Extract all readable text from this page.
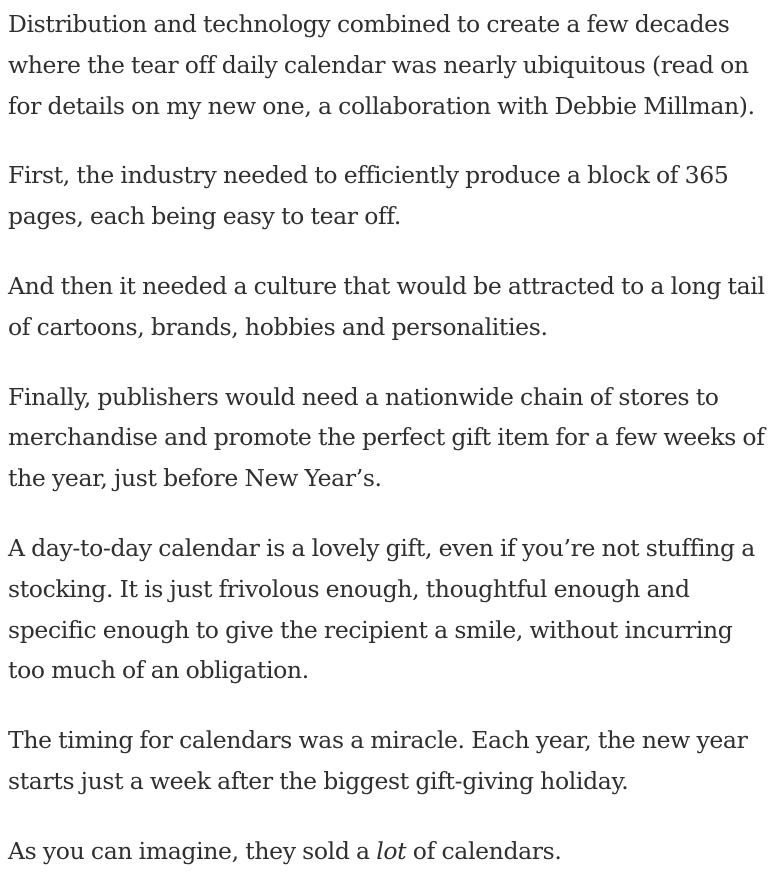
Distribution and technology combined to create a few decades where the tear off daily calendar was nearly ubiquitous (read on for details on my new one, a collaboration with Debbie Millman).

First, the industry needed to efficiently produce a block of 365 pages, each being easy to tear off.

And then it needed a culture that would be attracted to a long tail of cartoons, brands, hobbies and personalities.

Finally, publishers would need a nationwide chain of stores to merchandise and promote the perfect gift item for a few weeks of the year, just before New Year’s.

A day-to-day calendar is a lovely gift, even if you’re not stuffing a stocking. It is just frivolous enough, thoughtful enough and specific enough to give the recipient a smile, without incurring too much of an obligation.

The timing for calendars was a miracle. Each year, the new year starts just a week after the biggest gift-giving holiday.

As you can imagine, they sold a lot of calendars.
